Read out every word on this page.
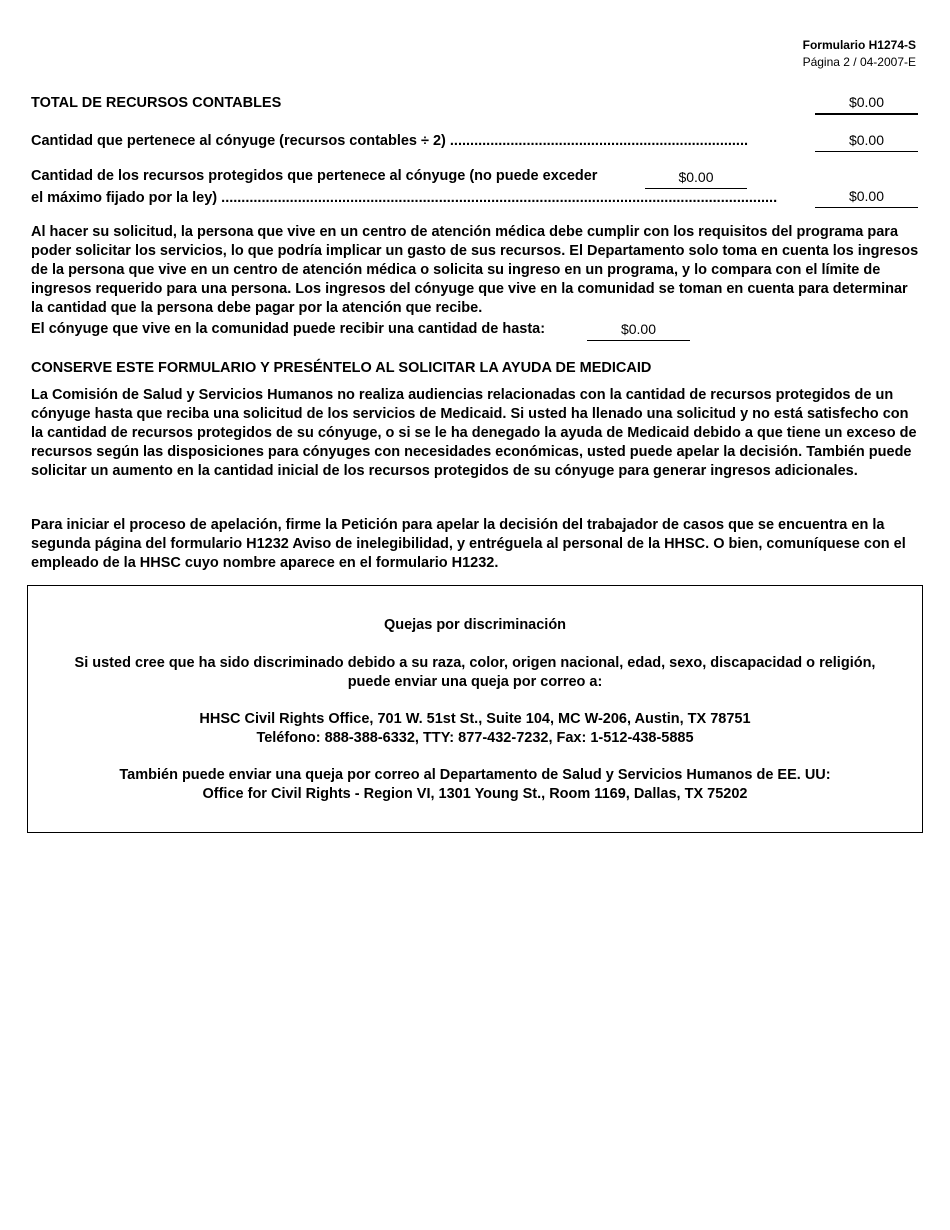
Formulario H1274-S
Página 2 / 04-2007-E
TOTAL DE RECURSOS CONTABLES	$0.00
Cantidad que pertenece al cónyuge (recursos contables ÷ 2) ..........................................................................	$0.00
Cantidad de los recursos protegidos que pertenece al cónyuge (no puede exceder	$0.00
el máximo fijado por la ley) ..........................................................................................................................................	$0.00
Al hacer su solicitud, la persona que vive en un centro de atención médica debe cumplir con los requisitos del programa para poder solicitar los servicios, lo que podría implicar un gasto de sus recursos. El Departamento solo toma en cuenta los ingresos de la persona que vive en un centro de atención médica o solicita su ingreso en un programa, y lo compara con el límite de ingresos requerido para una persona. Los ingresos del cónyuge que vive en la comunidad se toman en cuenta para determinar la cantidad que la persona debe pagar por la atención que recibe.
El cónyuge que vive en la comunidad puede recibir una cantidad de hasta:	$0.00
CONSERVE ESTE FORMULARIO Y PRESÉNTELO AL SOLICITAR LA AYUDA DE MEDICAID
La Comisión de Salud y Servicios Humanos no realiza audiencias relacionadas con la cantidad de recursos protegidos de un cónyuge hasta que reciba una solicitud de los servicios de Medicaid. Si usted ha llenado una solicitud y no está satisfecho con la cantidad de recursos protegidos de su cónyuge, o si se le ha denegado la ayuda de Medicaid debido a que tiene un exceso de recursos según las disposiciones para cónyuges con necesidades económicas, usted puede apelar la decisión. También puede solicitar un aumento en la cantidad inicial de los recursos protegidos de su cónyuge para generar ingresos adicionales.
Para iniciar el proceso de apelación, firme la Petición para apelar la decisión del trabajador de casos que se encuentra en la segunda página del formulario H1232 Aviso de inelegibilidad, y entréguela al personal de la HHSC. O bien, comuníquese con el empleado de la HHSC cuyo nombre aparece en el formulario H1232.
Quejas por discriminación
Si usted cree que ha sido discriminado debido a su raza, color, origen nacional, edad, sexo, discapacidad o religión,
puede enviar una queja por correo a:
HHSC Civil Rights Office, 701 W. 51st St., Suite 104, MC W-206, Austin, TX 78751
Teléfono: 888-388-6332, TTY: 877-432-7232, Fax: 1-512-438-5885
También puede enviar una queja por correo al Departamento de Salud y Servicios Humanos de EE. UU:
Office for Civil Rights - Region VI, 1301 Young St., Room 1169, Dallas, TX 75202
